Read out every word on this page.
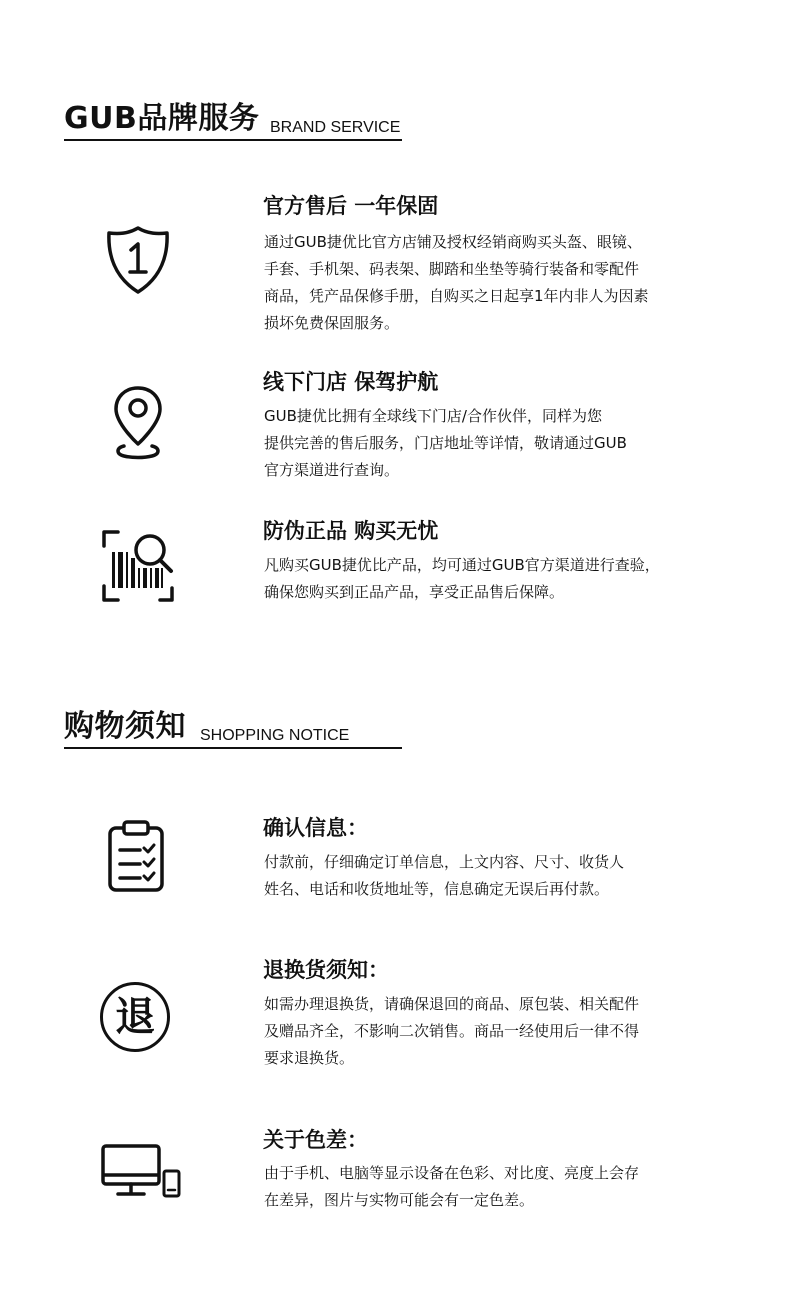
GUB品牌服务 BRAND SERVICE
官方售后 一年保固
通过GUB捷优比官方店铺及授权经销商购买头盔、眼镜、
手套、手机架、码表架、脚踏和坐垫等骑行装备和零配件
商品，凭产品保修手册，自购买之日起享1年内非人为因素
损坏免费保固服务。
线下门店 保驾护航
GUB捷优比拥有全球线下门店/合作伙伴，同样为您
提供完善的售后服务，门店地址等详情，敬请通过GUB
官方渠道进行查询。
防伪正品 购买无忧
凡购买GUB捷优比产品，均可通过GUB官方渠道进行查验，
确保您购买到正品产品，享受正品售后保障。
购物须知 SHOPPING NOTICE
确认信息：
付款前，仔细确定订单信息，上文内容、尺寸、收货人
姓名、电话和收货地址等，信息确定无误后再付款。
退
退换货须知：
如需办理退换货，请确保退回的商品、原包装、相关配件
及赠品齐全，不影响二次销售。商品一经使用后一律不得
要求退换货。
关于色差：
由于手机、电脑等显示设备在色彩、对比度、亮度上会存
在差异，图片与实物可能会有一定色差。
